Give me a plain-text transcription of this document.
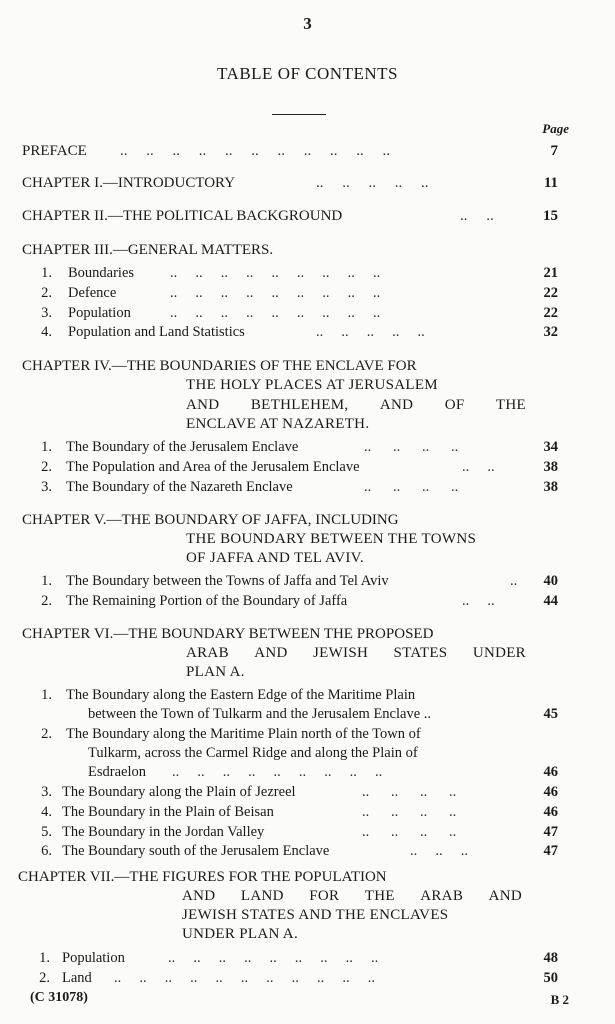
3
TABLE OF CONTENTS
Page
PREFACE ..     ..     ..     ..     ..     ..     ..     ..     ..     ..     ..	7
CHAPTER I.—INTRODUCTORY	..     ..     ..     ..     ..	11
CHAPTER II.—THE POLITICAL BACKGROUND	..     ..	15
CHAPTER III.—GENERAL MATTERS.
1. Boundaries ..     ..     ..     ..     ..     ..     ..     ..     ..	21
2. Defence	..     ..     ..     ..     ..     ..     ..     ..     ..	22
3. Population	..     ..     ..     ..     ..     ..     ..     ..     ..	22
4. Population and Land Statistics	..     ..     ..     ..     ..	32
CHAPTER IV.—THE BOUNDARIES OF THE ENCLAVE FOR
THE HOLY PLACES AT JERUSALEM
AND BETHLEHEM, AND OF THE
ENCLAVE AT NAZARETH.
1. The Boundary of the Jerusalem Enclave	..      ..      ..      ..	34
2. The Population and Area of the Jerusalem Enclave	..     ..	38
3. The Boundary of the Nazareth Enclave	..      ..      ..      ..	38
CHAPTER V.—THE BOUNDARY OF JAFFA, INCLUDING
THE BOUNDARY BETWEEN THE TOWNS
OF JAFFA AND TEL AVIV.
1. The Boundary between the Towns of Jaffa and Tel Aviv	.. 40
2. The Remaining Portion of the Boundary of Jaffa	..     ..	44
CHAPTER VI.—THE BOUNDARY BETWEEN THE PROPOSED
ARAB AND JEWISH STATES UNDER
PLAN A.
1. The Boundary along the Eastern Edge of the Maritime Plain
between the Town of Tulkarm and the Jerusalem Enclave ..	45
2. The Boundary along the Maritime Plain north of the Town of
Tulkarm, across the Carmel Ridge and along the Plain of
Esdraelon ..     ..     ..     ..     ..     ..     ..     ..     ..	46
3. The Boundary along the Plain of Jezreel	..      ..      ..      ..	46
4. The Boundary in the Plain of Beisan	..      ..      ..      ..	46
5. The Boundary in the Jordan Valley	..      ..      ..      ..	47
6. The Boundary south of the Jerusalem Enclave	..     ..     ..	47
CHAPTER VII.—THE FIGURES FOR THE POPULATION
AND LAND FOR THE ARAB AND
JEWISH STATES AND THE ENCLAVES
UNDER PLAN A.
1. Population	..     ..     ..     ..     ..     ..     ..     ..     ..	48
2. Land ..     ..     ..     ..     ..     ..     ..     ..     ..     ..     ..	50
(C 31078)	B 2
